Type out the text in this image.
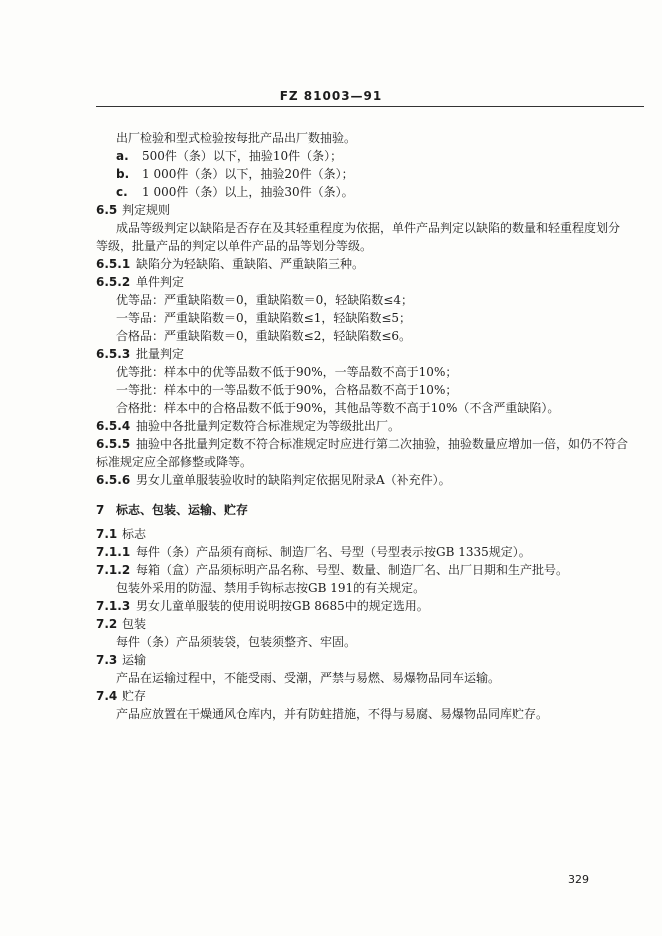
FZ 81003—91
出厂检验和型式检验按每批产品出厂数抽验。
a. 500件（条）以下，抽验10件（条）；
b. 1 000件（条）以下，抽验20件（条）；
c. 1 000件（条）以上，抽验30件（条）。
6.5 判定规则
成品等级判定以缺陷是否存在及其轻重程度为依据，单件产品判定以缺陷的数量和轻重程度划分
等级，批量产品的判定以单件产品的品等划分等级。
6.5.1 缺陷分为轻缺陷、重缺陷、严重缺陷三种。
6.5.2 单件判定
优等品：严重缺陷数＝0，重缺陷数＝0，轻缺陷数≤4；
一等品：严重缺陷数＝0，重缺陷数≤1，轻缺陷数≤5；
合格品：严重缺陷数＝0，重缺陷数≤2，轻缺陷数≤6。
6.5.3 批量判定
优等批：样本中的优等品数不低于90%，一等品数不高于10%；
一等批：样本中的一等品数不低于90%，合格品数不高于10%；
合格批：样本中的合格品数不低于90%，其他品等数不高于10%（不含严重缺陷）。
6.5.4 抽验中各批量判定数符合标准规定为等级批出厂。
6.5.5 抽验中各批量判定数不符合标准规定时应进行第二次抽验，抽验数量应增加一倍，如仍不符合
标准规定应全部修整或降等。
6.5.6 男女儿童单服装验收时的缺陷判定依据见附录A（补充件）。
7 标志、包装、运输、贮存
7.1 标志
7.1.1 每件（条）产品须有商标、制造厂名、号型（号型表示按GB 1335规定）。
7.1.2 每箱（盒）产品须标明产品名称、号型、数量、制造厂名、出厂日期和生产批号。
包装外采用的防湿、禁用手钩标志按GB 191的有关规定。
7.1.3 男女儿童单服装的使用说明按GB 8685中的规定选用。
7.2 包装
每件（条）产品须装袋，包装须整齐、牢固。
7.3 运输
产品在运输过程中，不能受雨、受潮，严禁与易燃、易爆物品同车运输。
7.4 贮存
产品应放置在干燥通风仓库内，并有防蛀措施，不得与易腐、易爆物品同库贮存。
329
